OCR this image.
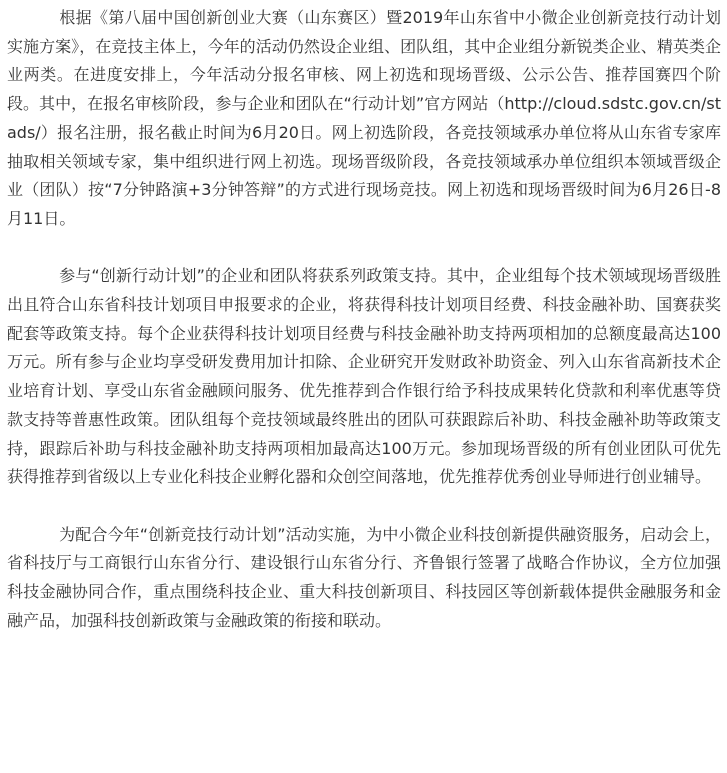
根据《第八届中国创新创业大赛（山东赛区）暨2019年山东省中小微企业创新竞技行动计划实施方案》，在竞技主体上，今年的活动仍然设企业组、团队组，其中企业组分新锐类企业、精英类企业两类。在进度安排上，今年活动分报名审核、网上初选和现场晋级、公示公告、推荐国赛四个阶段。其中，在报名审核阶段，参与企业和团队在“行动计划”官方网站（http://cloud.sdstc.gov.cn/stads/）报名注册，报名截止时间为6月20日。网上初选阶段，各竞技领域承办单位将从山东省专家库抽取相关领域专家，集中组织进行网上初选。现场晋级阶段，各竞技领域承办单位组织本领域晋级企业（团队）按“7分钟路演+3分钟答辩”的方式进行现场竞技。网上初选和现场晋级时间为6月26日-8月11日。

参与“创新行动计划”的企业和团队将获系列政策支持。其中，企业组每个技术领域现场晋级胜出且符合山东省科技计划项目申报要求的企业，将获得科技计划项目经费、科技金融补助、国赛获奖配套等政策支持。每个企业获得科技计划项目经费与科技金融补助支持两项相加的总额度最高达100万元。所有参与企业均享受研发费用加计扣除、企业研究开发财政补助资金、列入山东省高新技术企业培育计划、享受山东省金融顾问服务、优先推荐到合作银行给予科技成果转化贷款和利率优惠等贷款支持等普惠性政策。团队组每个竞技领域最终胜出的团队可获跟踪后补助、科技金融补助等政策支持，跟踪后补助与科技金融补助支持两项相加最高达100万元。参加现场晋级的所有创业团队可优先获得推荐到省级以上专业化科技企业孵化器和众创空间落地，优先推荐优秀创业导师进行创业辅导。

为配合今年“创新竞技行动计划”活动实施，为中小微企业科技创新提供融资服务，启动会上，省科技厅与工商银行山东省分行、建设银行山东省分行、齐鲁银行签署了战略合作协议，全方位加强科技金融协同合作，重点围绕科技企业、重大科技创新项目、科技园区等创新载体提供金融服务和金融产品，加强科技创新政策与金融政策的衔接和联动。
